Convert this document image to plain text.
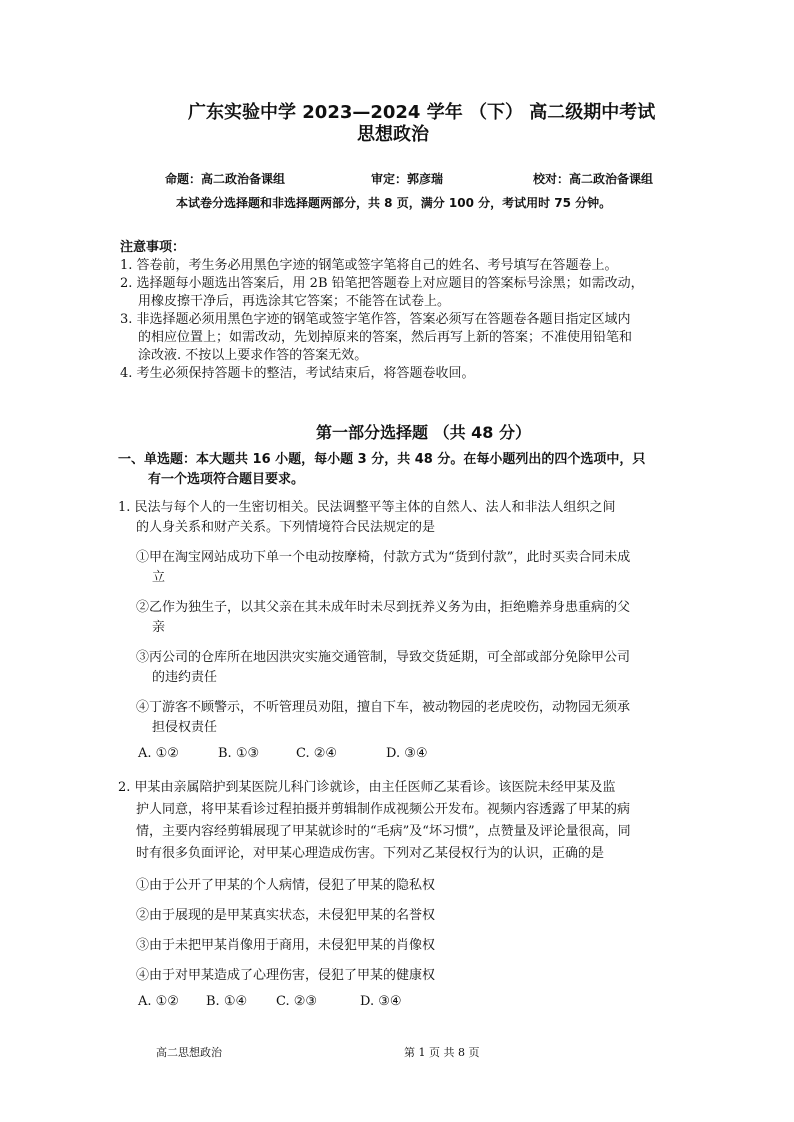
广东实验中学 2023—2024 学年 （下） 高二级期中考试
思想政治
命题：高二政治备课组	审定：郭彦瑞	校对：高二政治备课组
本试卷分选择题和非选择题两部分，共 8 页，满分 100 分，考试用时 75 分钟。
注意事项：
1. 答卷前，考生务必用黑色字迹的钢笔或签字笔将自己的姓名、考号填写在答题卷上。
2. 选择题每小题选出答案后，用 2B 铅笔把答题卷上对应题目的答案标号涂黑；如需改动，
用橡皮擦干净后，再选涂其它答案；不能答在试卷上。
3. 非选择题必须用黑色字迹的钢笔或签字笔作答，答案必须写在答题卷各题目指定区域内
的相应位置上；如需改动，先划掉原来的答案，然后再写上新的答案；不准使用铅笔和
涂改液. 不按以上要求作答的答案无效。
4. 考生必须保持答题卡的整洁，考试结束后，将答题卷收回。
第一部分选择题 （共 48 分）
一、单选题：本大题共 16 小题，每小题 3 分，共 48 分。在每小题列出的四个选项中，只
有一个选项符合题目要求。
1. 民法与每个人的一生密切相关。民法调整平等主体的自然人、法人和非法人组织之间
的人身关系和财产关系。下列情境符合民法规定的是
①甲在淘宝网站成功下单一个电动按摩椅，付款方式为“货到付款”，此时买卖合同未成
立
②乙作为独生子，以其父亲在其未成年时未尽到抚养义务为由，拒绝赡养身患重病的父
亲
③丙公司的仓库所在地因洪灾实施交通管制，导致交货延期，可全部或部分免除甲公司
的违约责任
④丁游客不顾警示，不听管理员劝阻，擅自下车，被动物园的老虎咬伤，动物园无须承
担侵权责任
A. ①②	B. ①③	C. ②④	D. ③④
2. 甲某由亲属陪护到某医院儿科门诊就诊，由主任医师乙某看诊。该医院未经甲某及监
护人同意，将甲某看诊过程拍摄并剪辑制作成视频公开发布。视频内容透露了甲某的病
情，主要内容经剪辑展现了甲某就诊时的“毛病”及“坏习惯”，点赞量及评论量很高，同
时有很多负面评论，对甲某心理造成伤害。下列对乙某侵权行为的认识，正确的是
①由于公开了甲某的个人病情，侵犯了甲某的隐私权
②由于展现的是甲某真实状态，未侵犯甲某的名誉权
③由于未把甲某肖像用于商用，未侵犯甲某的肖像权
④由于对甲某造成了心理伤害，侵犯了甲某的健康权
A. ①② B. ①④ C. ②③	D. ③④
高二思想政治	第 1 页 共 8 页
